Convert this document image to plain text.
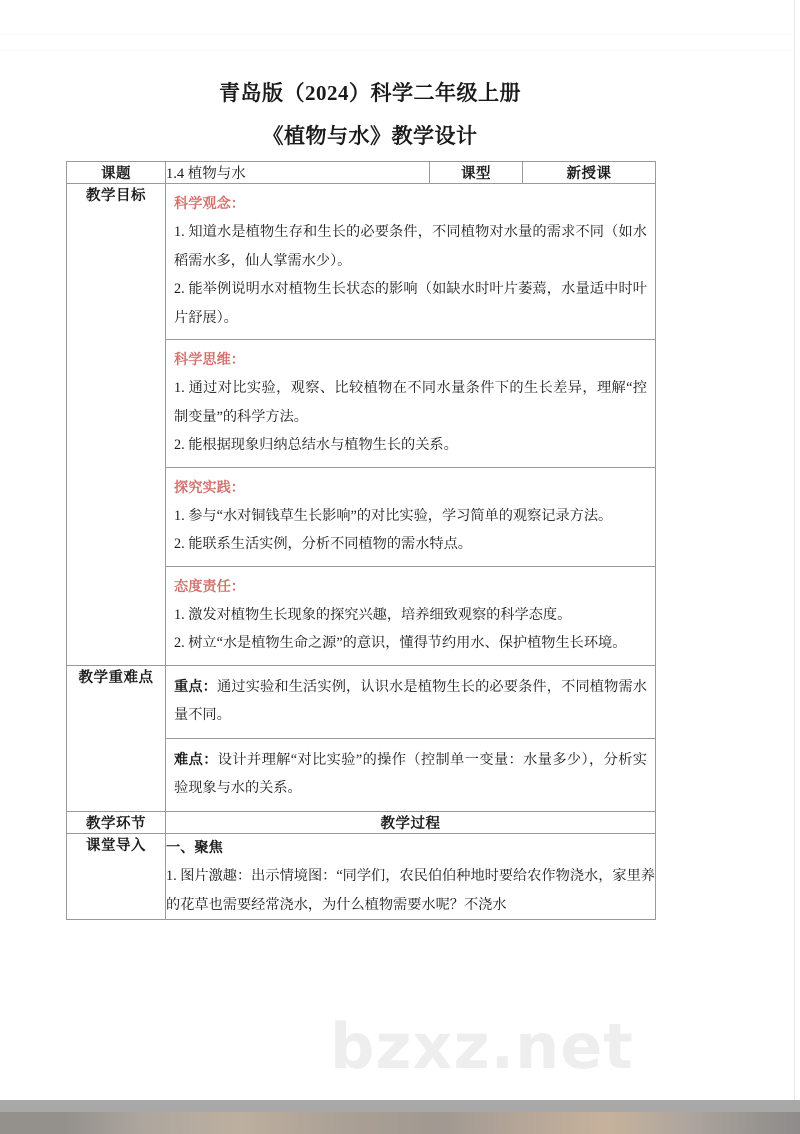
青岛版（2024）科学二年级上册
《植物与水》教学设计
课题	1.4 植物与水	课型	新授课
教学目标	科学观念：
1. 知道水是植物生存和生长的必要条件，不同植物对水量的需求不同（如水稻需水多，仙人掌需水少）。
2. 能举例说明水对植物生长状态的影响（如缺水时叶片萎蔫，水量适中时叶片舒展）。
科学思维：
1. 通过对比实验，观察、比较植物在不同水量条件下的生长差异，理解“控制变量”的科学方法。
2. 能根据现象归纳总结水与植物生长的关系。
探究实践：
1. 参与“水对铜钱草生长影响”的对比实验，学习简单的观察记录方法。
2. 能联系生活实例，分析不同植物的需水特点。
态度责任：
1. 激发对植物生长现象的探究兴趣，培养细致观察的科学态度。
2. 树立“水是植物生命之源”的意识，懂得节约用水、保护植物生长环境。

教学重难点	重点：通过实验和生活实例，认识水是植物生长的必要条件，不同植物需水量不同。
难点：设计并理解“对比实验”的操作（控制单一变量：水量多少），分析实验现象与水的关系。		

教学环节	教学过程		
课堂导入	一、聚焦
1. 图片激趣：出示情境图：“同学们，农民伯伯种地时要给农作物浇水，家里养的花草也需要经常浇水，为什么植物需要水呢？不浇水		
bzxz.net
